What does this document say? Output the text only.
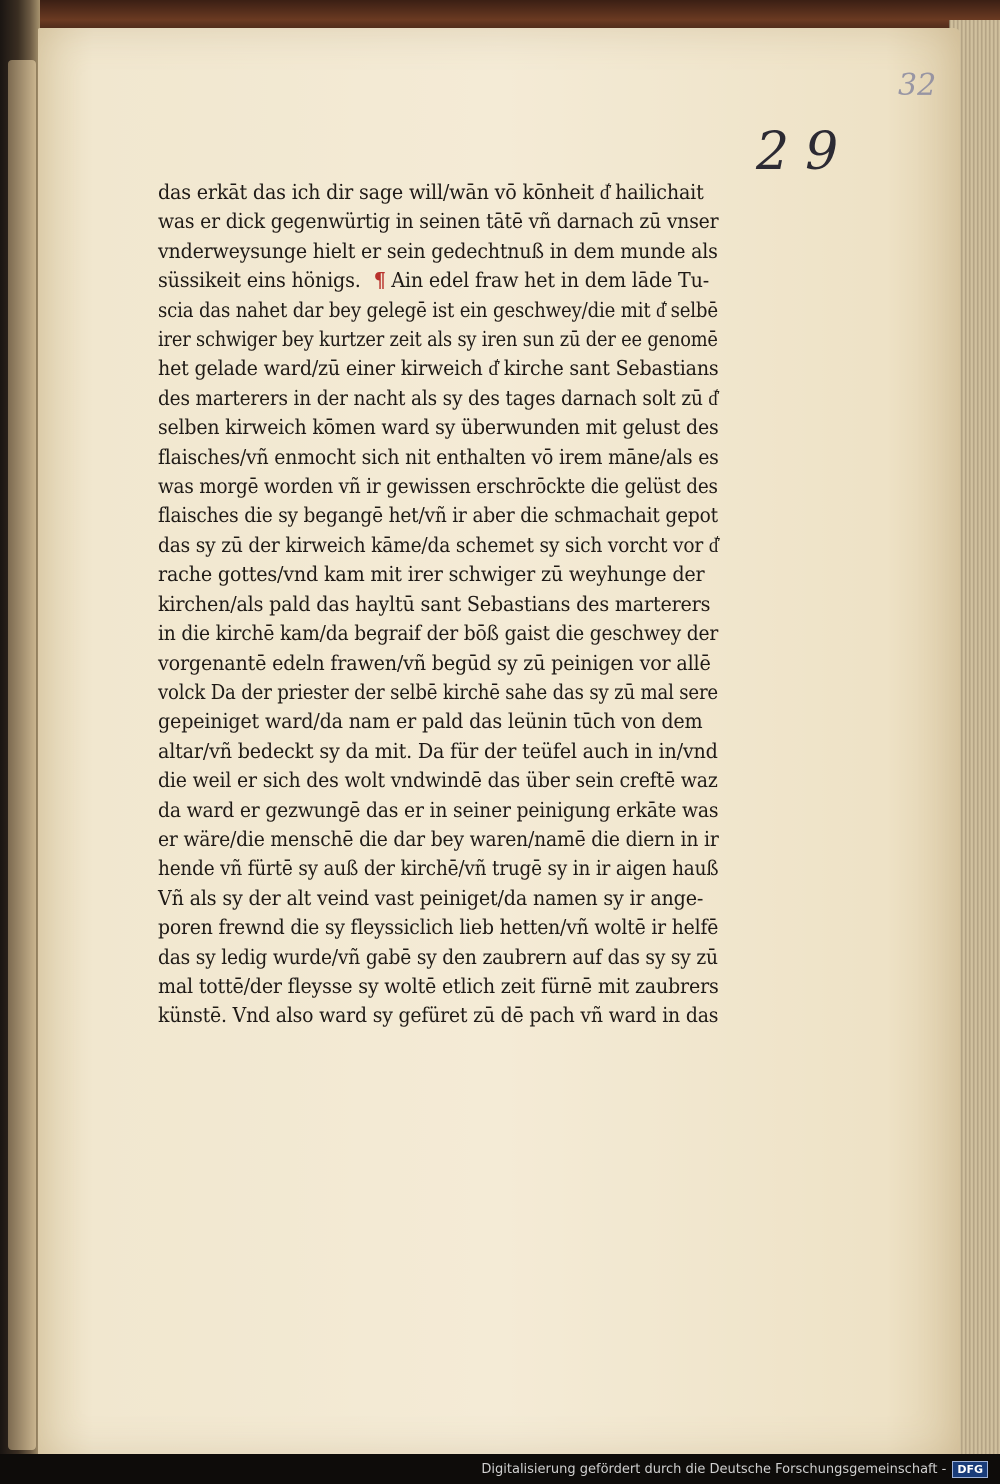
32
29
das erkāt das ich dir sage will/wān vō kōnheit d͛ hailichait
was er dick gegenwürtig in seinen tātē vñ darnach zū vnser
vnderweysunge hielt er sein gedechtnuß in dem munde als
süssikeit eins hönigs. ¶ Ain edel fraw het in dem lāde Tu-
scia das nahet dar bey gelegē ist ein geschwey/die mit d͛ selbē
irer schwiger bey kurtzer zeit als sy iren sun zū der ee genomē
het gelade ward/zū einer kirweich d͛ kirche sant Sebastians
des marterers in der nacht als sy des tages darnach solt zū d͛
selben kirweich kōmen ward sy überwunden mit gelust des
flaisches/vñ enmocht sich nit enthalten vō irem māne/als es
was morgē worden vñ ir gewissen erschrōckte die gelüst des
flaisches die sy begangē het/vñ ir aber die schmachait gepot
das sy zū der kirweich kāme/da schemet sy sich vorcht vor d͛
rache gottes/vnd kam mit irer schwiger zū weyhunge der
kirchen/als pald das hayltū sant Sebastians des marterers
in die kirchē kam/da begraif der bōß gaist die geschwey der
vorgenantē edeln frawen/vñ begūd sy zū peinigen vor allē
volck Da der priester der selbē kirchē sahe das sy zū mal sere
gepeiniget ward/da nam er pald das leünin tūch von dem
altar/vñ bedeckt sy da mit. Da für der teüfel auch in in/vnd
die weil er sich des wolt vndwindē das über sein creftē waz
da ward er gezwungē das er in seiner peinigung erkāte was
er wäre/die menschē die dar bey waren/namē die diern in ir
hende vñ fürtē sy auß der kirchē/vñ trugē sy in ir aigen hauß
Vñ als sy der alt veind vast peiniget/da namen sy ir ange-
poren frewnd die sy fleyssiclich lieb hetten/vñ woltē ir helfē
das sy ledig wurde/vñ gabē sy den zaubrern auf das sy sy zū
mal tottē/der fleysse sy woltē etlich zeit fürnē mit zaubrers
künstē. Vnd also ward sy gefüret zū dē pach vñ ward in das
Digitalisierung gefördert durch die Deutsche Forschungsgemeinschaft -	DFG
